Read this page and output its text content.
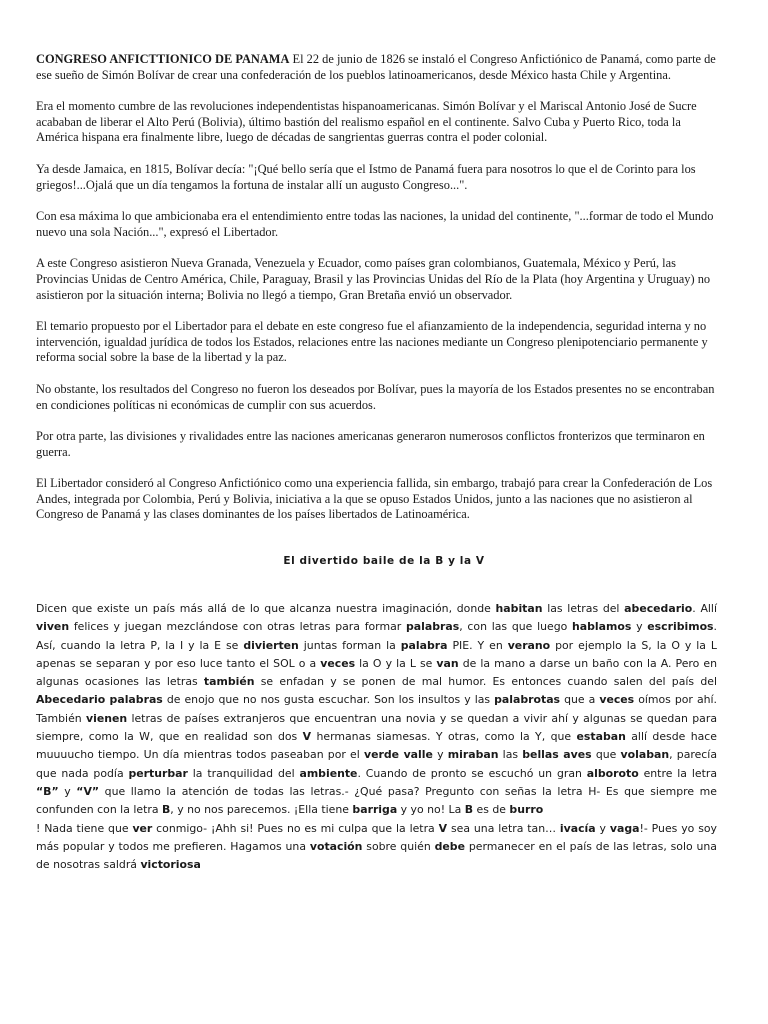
CONGRESO ANFICTTIONICO DE PANAMA El 22 de junio de 1826 se instaló el Congreso Anfictiónico de Panamá, como parte de ese sueño de Simón Bolívar de crear una confederación de los pueblos latinoamericanos, desde México hasta Chile y Argentina.

Era el momento cumbre de las revoluciones independentistas hispanoamericanas. Simón Bolívar y el Mariscal Antonio José de Sucre acababan de liberar el Alto Perú (Bolivia), último bastión del realismo español en el continente. Salvo Cuba y Puerto Rico, toda la América hispana era finalmente libre, luego de décadas de sangrientas guerras contra el poder colonial.

Ya desde Jamaica, en 1815, Bolívar decía: "¡Qué bello sería que el Istmo de Panamá fuera para nosotros lo que el de Corinto para los griegos!...Ojalá que un día tengamos la fortuna de instalar allí un augusto Congreso...".

Con esa máxima lo que ambicionaba era el entendimiento entre todas las naciones, la unidad del continente, "...formar de todo el Mundo nuevo una sola Nación...", expresó el Libertador.

A este Congreso asistieron Nueva Granada, Venezuela y Ecuador, como países gran colombianos, Guatemala, México y Perú, las Provincias Unidas de Centro América, Chile, Paraguay, Brasil y las Provincias Unidas del Río de la Plata (hoy Argentina y Uruguay) no asistieron por la situación interna; Bolivia no llegó a tiempo, Gran Bretaña envió un observador.

El temario propuesto por el Libertador para el debate en este congreso fue el afianzamiento de la independencia, seguridad interna y no intervención, igualdad jurídica de todos los Estados, relaciones entre las naciones mediante un Congreso plenipotenciario permanente y reforma social sobre la base de la libertad y la paz.

No obstante, los resultados del Congreso no fueron los deseados por Bolívar, pues la mayoría de los Estados presentes no se encontraban en condiciones políticas ni económicas de cumplir con sus acuerdos.

Por otra parte, las divisiones y rivalidades entre las naciones americanas generaron numerosos conflictos fronterizos que terminaron en guerra.

El Libertador consideró al Congreso Anfictiónico como una experiencia fallida, sin embargo, trabajó para crear la Confederación de Los Andes, integrada por Colombia, Perú y Bolivia, iniciativa a la que se opuso Estados Unidos, junto a las naciones que no asistieron al Congreso de Panamá y las clases dominantes de los países libertados de Latinoamérica.

El divertido baile de la B y la V

Dicen que existe un país más allá de lo que alcanza nuestra imaginación, donde habitan las letras del abecedario. Allí viven felices y juegan mezclándose con otras letras para formar palabras, con las que luego hablamos y escribimos. Así, cuando la letra P, la I y la E se divierten juntas forman la palabra PIE. Y en verano por ejemplo la S, la O y la L apenas se separan y por eso luce tanto el SOL o a veces la O y la L se van de la mano a darse un baño con la A. Pero en algunas ocasiones las letras también se enfadan y se ponen de mal humor. Es entonces cuando salen del país del Abecedario palabras de enojo que no nos gusta escuchar. Son los insultos y las palabrotas que a veces oímos por ahí. También vienen letras de países extranjeros que encuentran una novia y se quedan a vivir ahí y algunas se quedan para siempre, como la W, que en realidad son dos V hermanas siamesas. Y otras, como la Y, que estaban allí desde hace muuuucho tiempo. Un día mientras todos paseaban por el verde valle y miraban las bellas aves que volaban, parecía que nada podía perturbar la tranquilidad del ambiente. Cuando de pronto se escuchó un gran alboroto entre la letra “B” y “V” que llamo la atención de todas las letras.- ¿Qué pasa? Pregunto con señas la letra H- Es que siempre me confunden con la letra B, y no nos parecemos. ¡Ella tiene barriga y yo no! La B es de burro

! Nada tiene que ver conmigo- ¡Ahh si! Pues no es mi culpa que la letra V sea una letra tan… ivacía y vaga!- Pues yo soy más popular y todos me prefieren. Hagamos una votación sobre quién debe permanecer en el país de las letras, solo una de nosotras saldrá victoriosa
